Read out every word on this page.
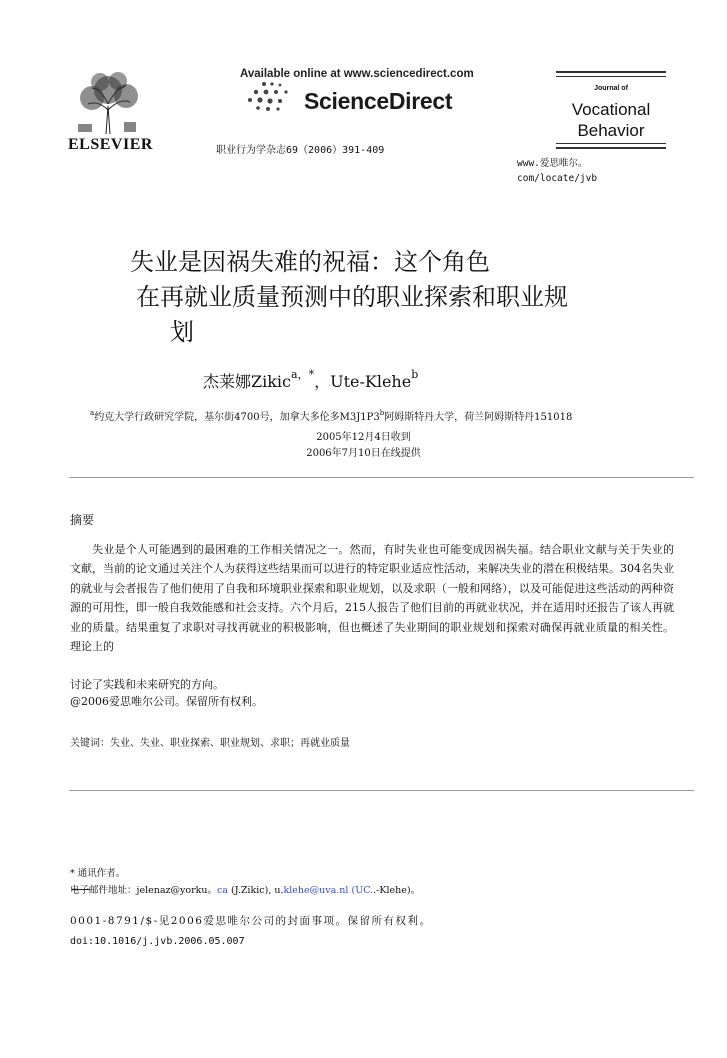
ELSEVIER
Available online at www.sciencedirect.com
ScienceDirect
职业行为学杂志69（2006）391-409
Journal of
Vocational
Behavior
www.爱思唯尔。
com/locate/jvb
失业是因祸失难的祝福：这个角色
在再就业质量预测中的职业探索和职业规
划
杰莱娜Zikic$^{a,*}$，Ute-Klehe$^b$
$^a$约克大学行政研究学院，基尔街4700号，加拿大多伦多M3J1P3$^b$阿姆斯特丹大学，荷兰阿姆斯特丹151018
2005年12月4日收到
2006年7月10日在线提供
摘要
失业是个人可能遇到的最困难的工作相关情况之一。然而，有时失业也可能变成因祸失福。结合职业文献与关于失业的文献，当前的论文通过关注个人为获得这些结果而可以进行的特定职业适应性活动，来解决失业的潜在积极结果。304名失业的就业与会者报告了他们使用了自我和环境职业探索和职业规划，以及求职（一般和网络），以及可能促进这些活动的两种资源的可用性，即一般自我效能感和社会支持。六个月后，215人报告了他们目前的再就业状况，并在适用时还报告了该人再就业的质量。结果重复了求职对寻找再就业的积极影响，但也概述了失业期间的职业规划和探索对确保再就业质量的相关性。理论上的
讨论了实践和未来研究的方向。
@2006爱思唯尔公司。保留所有权利。
关键词：失业、失业、职业探索、职业规划、求职；再就业质量
* 通讯作者。
电子邮件地址：jelenaz@yorku。ca (J.Zikic), u.klehe@uva.nl (UC..-Klehe)。
0001-8791/$-见2006爱思唯尔公司的封面事项。保留所有权利。
doi:10.1016/j.jvb.2006.05.007
